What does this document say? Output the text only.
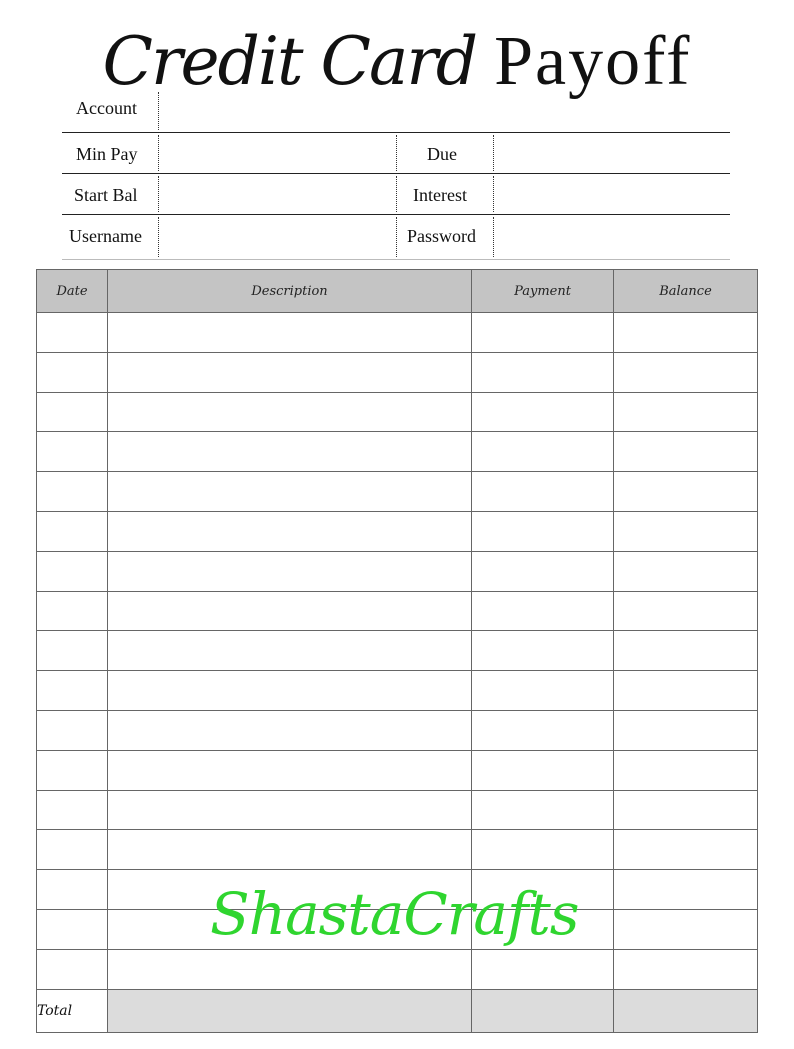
Credit Card Payoff
Account
Min Pay	Due
Start Bal	Interest
Username	Password
Date	Description	Payment	Balance

Total			
ShastaCrafts
